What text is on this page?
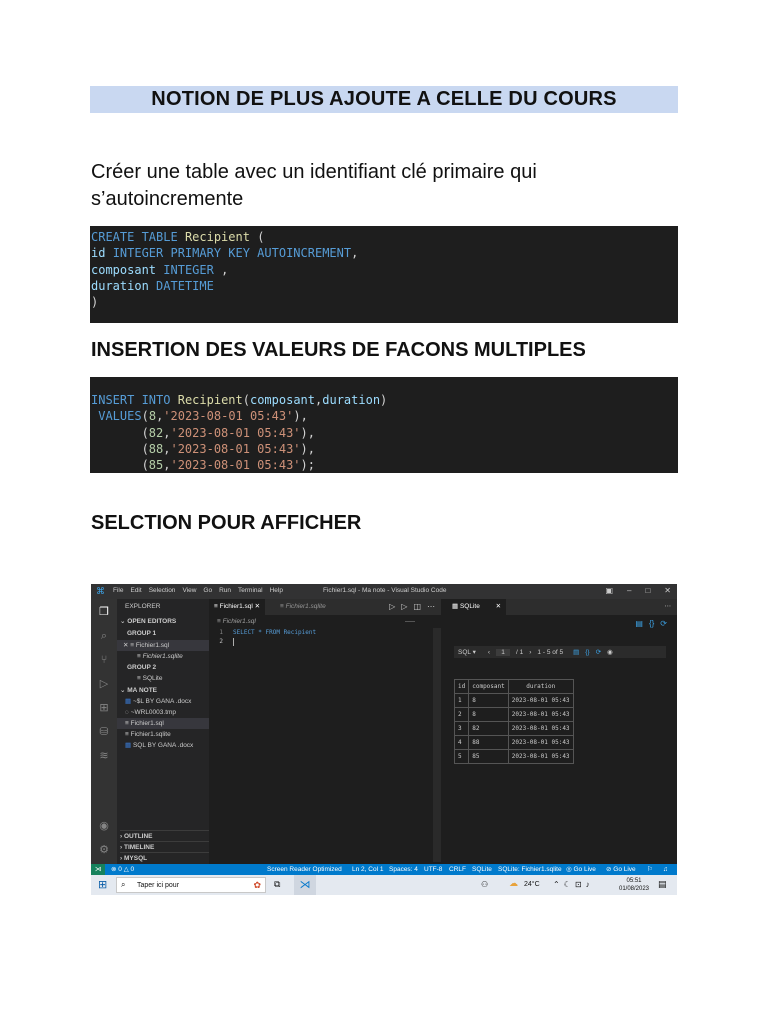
NOTION DE PLUS AJOUTE A CELLE DU COURS
Créer une table avec un identifiant clé primaire qui
s’autoincremente
CREATE TABLE Recipient (
id INTEGER PRIMARY KEY AUTOINCREMENT,
composant INTEGER ,
duration DATETIME
)
INSERTION DES VALEURS DE FACONS MULTIPLES
INSERT INTO Recipient(composant,duration)
VALUES(8,'2023-08-01 05:43'),
(82,'2023-08-01 05:43'),
(88,'2023-08-01 05:43'),
(85,'2023-08-01 05:43');
SELCTION POUR AFFICHER
⌘ File Edit Selection View Go Run Terminal Help	Fichier1.sql - Ma note - Visual Studio Code	▣ – □ ✕
❐
⌕
⑂
▷
⊞
⛁
≋
◉
⚙
EXPLORER
⌄ OPEN EDITORS
GROUP 1
✕ ≡ Fichier1.sql
≡ Fichier1.sqlite
GROUP 2
≡ SQLite
⌄ MA NOTE
▦ ~$L BY GANA .docx
◌ ~WRL0003.tmp
≡ Fichier1.sql
≡ Fichier1.sqlite
▦ SQL BY GANA .docx
› OUTLINE
› TIMELINE
› MYSQL
≡ Fichier1.sql ✕	≡ Fichier1.sqlite	▷ ▷ ◫ ⋯
≡ Fichier1.sql
1 SELECT * FROM Recipient
2
▦ SQLite ✕	⋯
▤ {} ⟳
SQL ▾ ‹	1	/ 1 › 1 - 5 of 5 ▤ {} ⟳ ◉
id	composant	duration
1	8	2023-08-01 05:43
2	8	2023-08-01 05:43
3	82	2023-08-01 05:43
4	88	2023-08-01 05:43
5	85	2023-08-01 05:43
⋊	⊗ 0 △ 0	Screen Reader Optimized Ln 2, Col 1 Spaces: 4 UTF-8 CRLF SQLite SQLite: Fichier1.sqlite ◎ Go Live ⊘ Go Live ⚐ ♫
⊞ ⌕ Taper ici pour	✿ ⧉	⋊	⚇ ☁ 24°C ⌃☾⊡♪	05:51
01/08/2023 ▤
